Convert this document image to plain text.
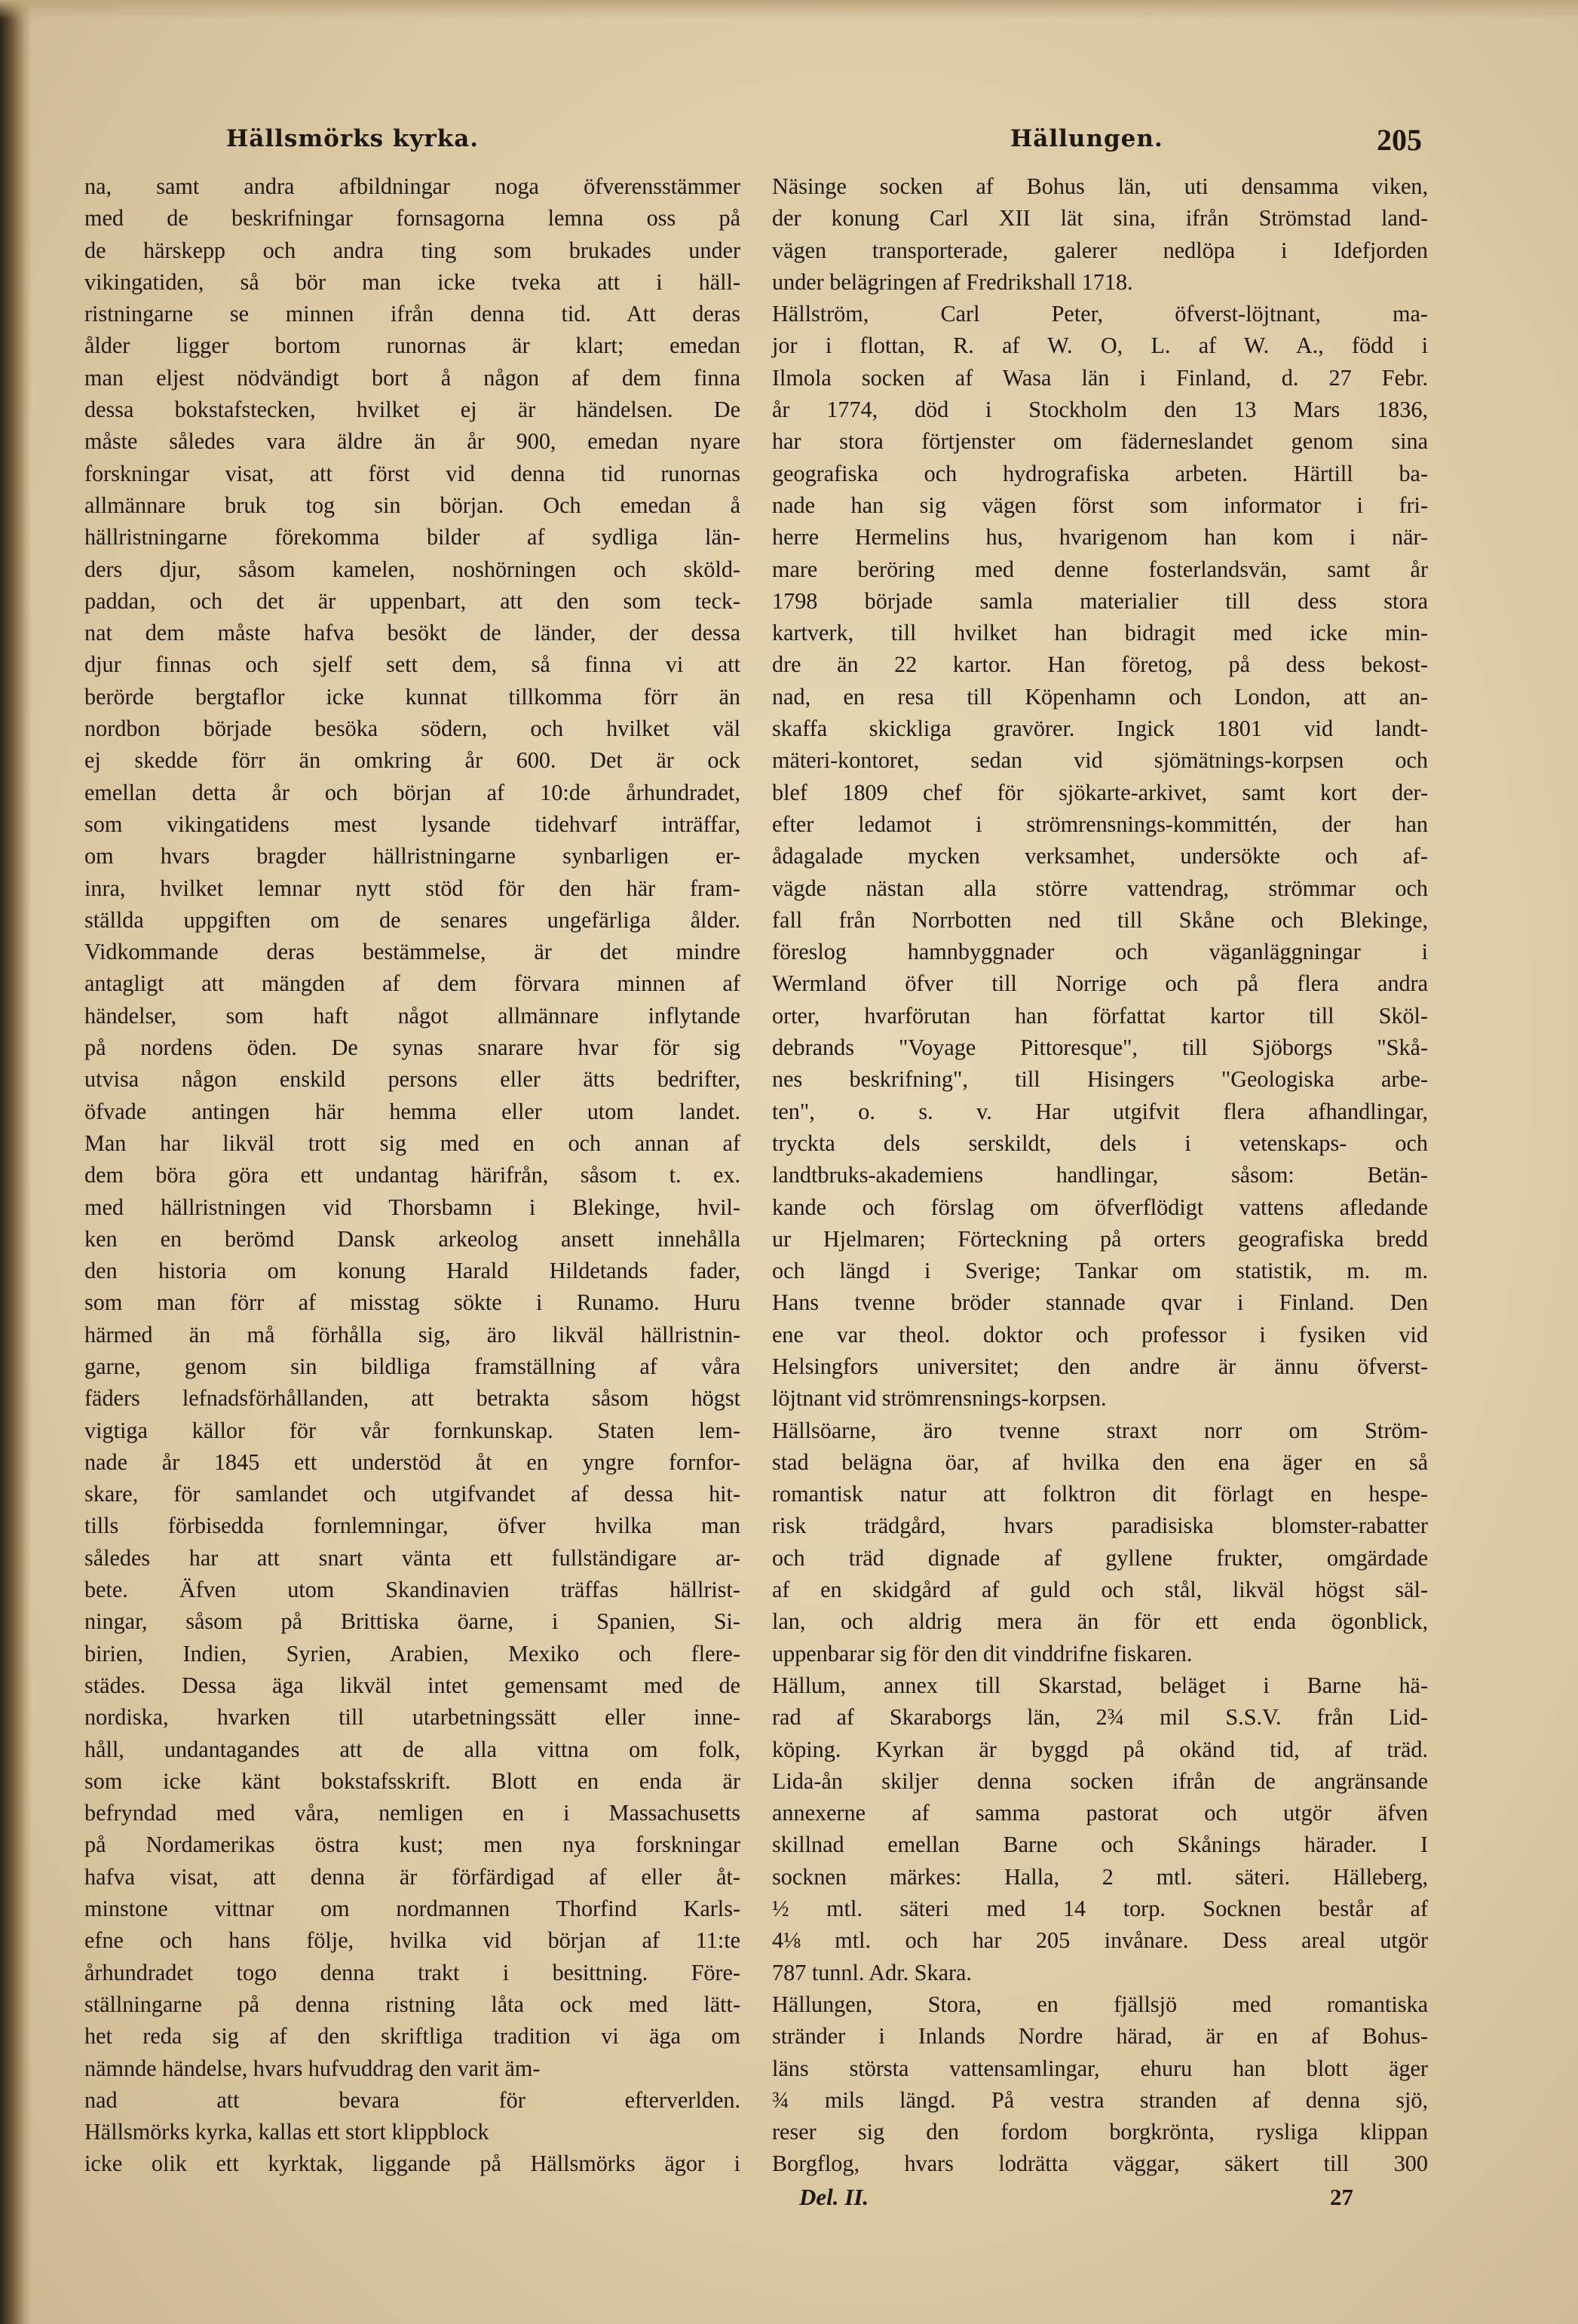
Hällsmörks kyrka.	Hällungen.	205
na, samt andra afbildningar noga öfverensstämmer
med de beskrifningar fornsagorna lemna oss på
de härskepp och andra ting som brukades under
vikingatiden, så bör man icke tveka att i häll-
ristningarne se minnen ifrån denna tid. Att deras
ålder ligger bortom runornas är klart; emedan
man eljest nödvändigt bort å någon af dem finna
dessa bokstafstecken, hvilket ej är händelsen. De
måste således vara äldre än år 900, emedan nyare
forskningar visat, att först vid denna tid runornas
allmännare bruk tog sin början. Och emedan å
hällristningarne förekomma bilder af sydliga län-
ders djur, såsom kamelen, noshörningen och sköld-
paddan, och det är uppenbart, att den som teck-
nat dem måste hafva besökt de länder, der dessa
djur finnas och sjelf sett dem, så finna vi att
berörde bergtaflor icke kunnat tillkomma förr än
nordbon började besöka södern, och hvilket väl
ej skedde förr än omkring år 600. Det är ock
emellan detta år och början af 10:de århundradet,
som vikingatidens mest lysande tidehvarf inträffar,
om hvars bragder hällristningarne synbarligen er-
inra, hvilket lemnar nytt stöd för den här fram-
ställda uppgiften om de senares ungefärliga ålder.
Vidkommande deras bestämmelse, är det mindre
antagligt att mängden af dem förvara minnen af
händelser, som haft något allmännare inflytande
på nordens öden. De synas snarare hvar för sig
utvisa någon enskild persons eller ätts bedrifter,
öfvade antingen här hemma eller utom landet.
Man har likväl trott sig med en och annan af
dem böra göra ett undantag härifrån, såsom t. ex.
med hällristningen vid Thorsbamn i Blekinge, hvil-
ken en berömd Dansk arkeolog ansett innehålla
den historia om konung Harald Hildetands fader,
som man förr af misstag sökte i Runamo. Huru
härmed än må förhålla sig, äro likväl hällristnin-
garne, genom sin bildliga framställning af våra
fäders lefnadsförhållanden, att betrakta såsom högst
vigtiga källor för vår fornkunskap. Staten lem-
nade år 1845 ett understöd åt en yngre fornfor-
skare, för samlandet och utgifvandet af dessa hit-
tills förbisedda fornlemningar, öfver hvilka man
således har att snart vänta ett fullständigare ar-
bete. Äfven utom Skandinavien träffas hällrist-
ningar, såsom på Brittiska öarne, i Spanien, Si-
birien, Indien, Syrien, Arabien, Mexiko och flere-
städes. Dessa äga likväl intet gemensamt med de
nordiska, hvarken till utarbetningssätt eller inne-
håll, undantagandes att de alla vittna om folk,
som icke känt bokstafsskrift. Blott en enda är
befryndad med våra, nemligen en i Massachusetts
på Nordamerikas östra kust; men nya forskningar
hafva visat, att denna är förfärdigad af eller åt-
minstone vittnar om nordmannen Thorfind Karls-
efne och hans följe, hvilka vid början af 11:te
århundradet togo denna trakt i besittning. Före-
ställningarne på denna ristning låta ock med lätt-
het reda sig af den skriftliga tradition vi äga om
nämnde händelse, hvars hufvuddrag den varit äm-
nad att bevara för efterverlden.
Hällsmörks kyrka, kallas ett stort klippblock
icke olik ett kyrktak, liggande på Hällsmörks ägor i
Näsinge socken af Bohus län, uti densamma viken,
der konung Carl XII lät sina, ifrån Strömstad land-
vägen transporterade, galerer nedlöpa i Idefjorden
under belägringen af Fredrikshall 1718.
Hällström, Carl Peter, öfverst-löjtnant, ma-
jor i flottan, R. af W. O, L. af W. A., född i
Ilmola socken af Wasa län i Finland, d. 27 Febr.
år 1774, död i Stockholm den 13 Mars 1836,
har stora förtjenster om fäderneslandet genom sina
geografiska och hydrografiska arbeten. Härtill ba-
nade han sig vägen först som informator i fri-
herre Hermelins hus, hvarigenom han kom i när-
mare beröring med denne fosterlandsvän, samt år
1798 började samla materialier till dess stora
kartverk, till hvilket han bidragit med icke min-
dre än 22 kartor. Han företog, på dess bekost-
nad, en resa till Köpenhamn och London, att an-
skaffa skickliga gravörer. Ingick 1801 vid landt-
mäteri-kontoret, sedan vid sjömätnings-korpsen och
blef 1809 chef för sjökarte-arkivet, samt kort der-
efter ledamot i strömrensnings-kommittén, der han
ådagalade mycken verksamhet, undersökte och af-
vägde nästan alla större vattendrag, strömmar och
fall från Norrbotten ned till Skåne och Blekinge,
föreslog hamnbyggnader och väganläggningar i
Wermland öfver till Norrige och på flera andra
orter, hvarförutan han författat kartor till Sköl-
debrands "Voyage Pittoresque", till Sjöborgs "Skå-
nes beskrifning", till Hisingers "Geologiska arbe-
ten", o. s. v. Har utgifvit flera afhandlingar,
tryckta dels serskildt, dels i vetenskaps- och
landtbruks-akademiens handlingar, såsom: Betän-
kande och förslag om öfverflödigt vattens afledande
ur Hjelmaren; Förteckning på orters geografiska bredd
och längd i Sverige; Tankar om statistik, m. m.
Hans tvenne bröder stannade qvar i Finland. Den
ene var theol. doktor och professor i fysiken vid
Helsingfors universitet; den andre är ännu öfverst-
löjtnant vid strömrensnings-korpsen.
Hällsöarne, äro tvenne straxt norr om Ström-
stad belägna öar, af hvilka den ena äger en så
romantisk natur att folktron dit förlagt en hespe-
risk trädgård, hvars paradisiska blomster-rabatter
och träd dignade af gyllene frukter, omgärdade
af en skidgård af guld och stål, likväl högst säl-
lan, och aldrig mera än för ett enda ögonblick,
uppenbarar sig för den dit vinddrifne fiskaren.
Hällum, annex till Skarstad, beläget i Barne hä-
rad af Skaraborgs län, 2¾ mil S.S.V. från Lid-
köping. Kyrkan är byggd på okänd tid, af träd.
Lida-ån skiljer denna socken ifrån de angränsande
annexerne af samma pastorat och utgör äfven
skillnad emellan Barne och Skånings härader. I
socknen märkes: Halla, 2 mtl. säteri. Hälleberg,
½ mtl. säteri med 14 torp. Socknen består af
4⅛ mtl. och har 205 invånare. Dess areal utgör
787 tunnl. Adr. Skara.
Hällungen, Stora, en fjällsjö med romantiska
stränder i Inlands Nordre härad, är en af Bohus-
läns största vattensamlingar, ehuru han blott äger
¾ mils längd. På vestra stranden af denna sjö,
reser sig den fordom borgkrönta, rysliga klippan
Borgflog, hvars lodrätta väggar, säkert till 300
Del. II.	27
